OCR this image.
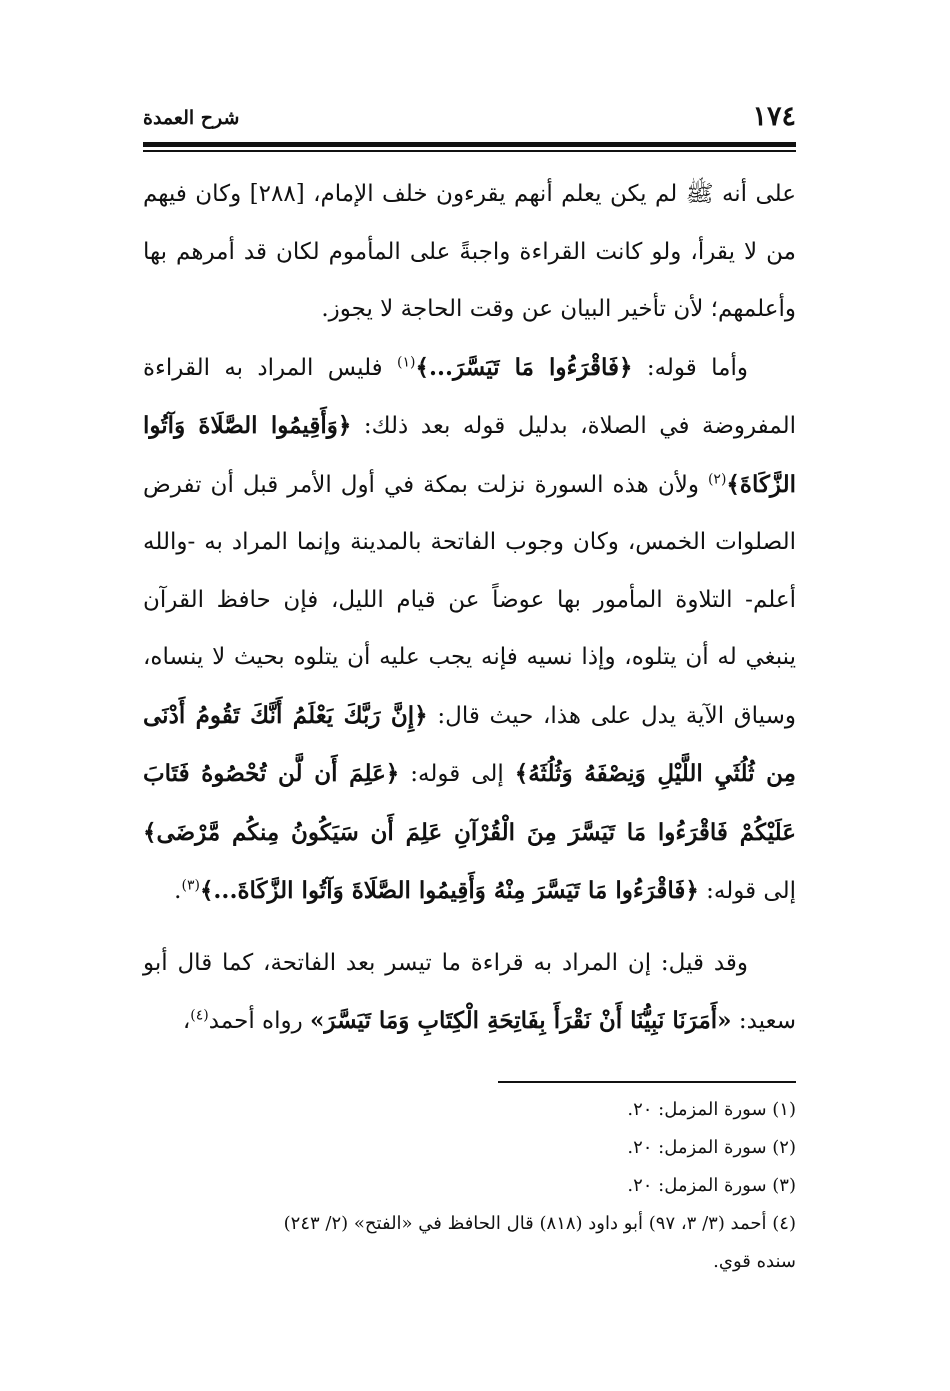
١٧٤
شرح العمدة

على أنه ﷺ لم يكن يعلم أنهم يقرءون خلف الإمام، [٢٨٨] وكان فيهم من لا يقرأ، ولو كانت القراءة واجبةً على المأموم لكان قد أمرهم بها وأعلمهم؛ لأن تأخير البيان عن وقت الحاجة لا يجوز.

وأما قوله: ﴿فَاقْرَءُوا مَا تَيَسَّرَ...﴾$^{(١)}$ فليس المراد به القراءة المفروضة في الصلاة، بدليل قوله بعد ذلك: ﴿وَأَقِيمُوا الصَّلَاةَ وَآتُوا الزَّكَاةَ﴾$^{(٢)}$ ولأن هذه السورة نزلت بمكة في أول الأمر قبل أن تفرض الصلوات الخمس، وكان وجوب الفاتحة بالمدينة وإنما المراد به -والله أعلم- التلاوة المأمور بها عوضاً عن قيام الليل، فإن حافظ القرآن ينبغي له أن يتلوه، وإذا نسيه فإنه يجب عليه أن يتلوه بحيث لا ينساه، وسياق الآية يدل على هذا، حيث قال: ﴿إِنَّ رَبَّكَ يَعْلَمُ أَنَّكَ تَقُومُ أَدْنَى مِن ثُلُثَيِ اللَّيْلِ وَنِصْفَهُ وَثُلُثَهُ﴾ إلى قوله: ﴿عَلِمَ أَن لَّن تُحْصُوهُ فَتَابَ عَلَيْكُمْ فَاقْرَءُوا مَا تَيَسَّرَ مِنَ الْقُرْآنِ عَلِمَ أَن سَيَكُونُ مِنكُم مَّرْضَى﴾ إلى قوله: ﴿فَاقْرَءُوا مَا تَيَسَّرَ مِنْهُ وَأَقِيمُوا الصَّلَاةَ وَآتُوا الزَّكَاةَ...﴾$^{(٣)}$.

وقد قيل: إن المراد به قراءة ما تيسر بعد الفاتحة، كما قال أبو سعيد: «أَمَرَنَا نَبِيُّنَا أَنْ نَقْرَأَ بِفَاتِحَةِ الْكِتَابِ وَمَا تَيَسَّرَ» رواه أحمد$^{(٤)}$،

(١) سورة المزمل: ٢٠.

(٢) سورة المزمل: ٢٠.

(٣) سورة المزمل: ٢٠.

(٤) أحمد (٣/ ٣، ٩٧) أبو داود (٨١٨) قال الحافظ في «الفتح» (٢/ ٢٤٣)

سنده قوي.
